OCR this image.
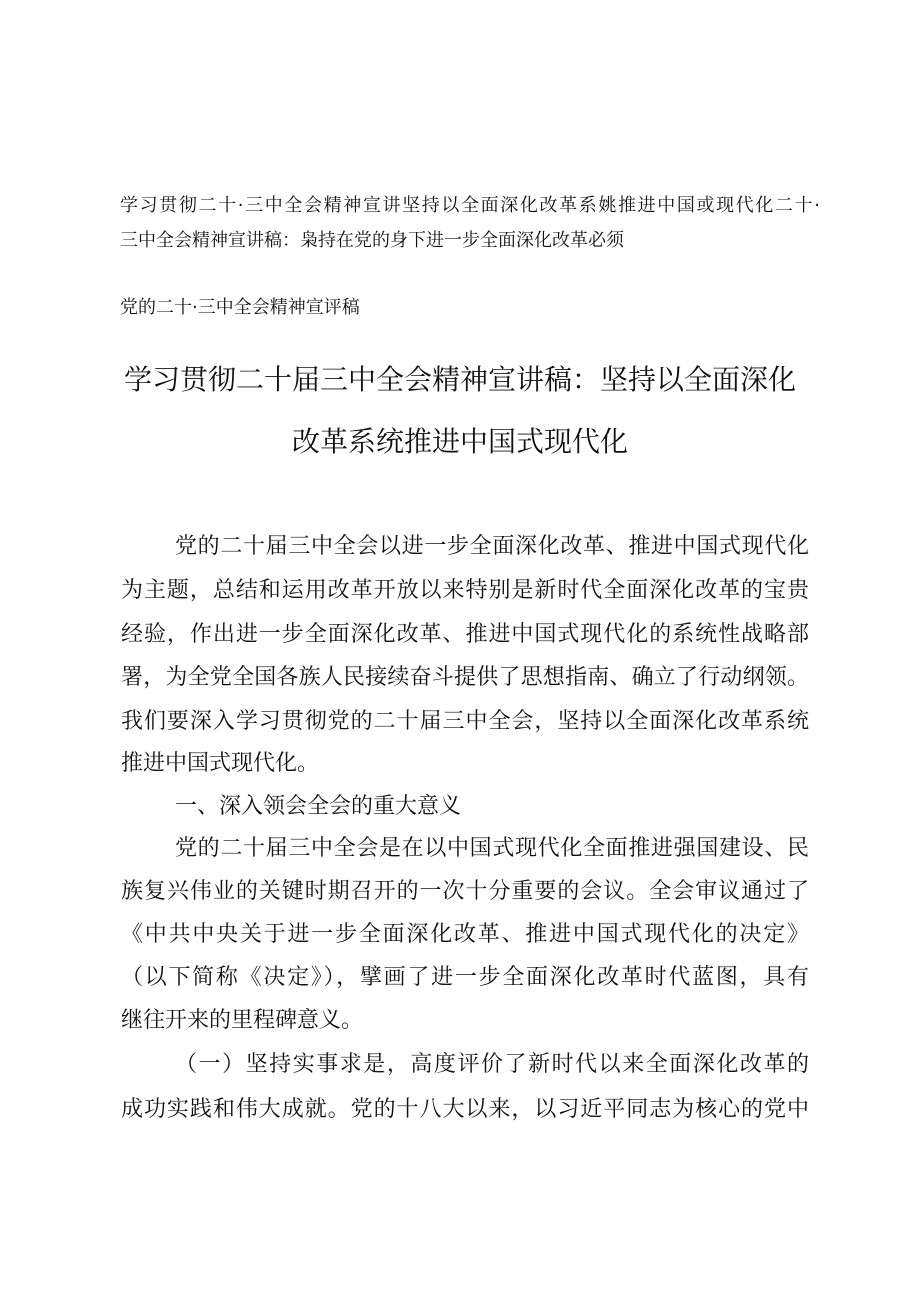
学习贯彻二十·三中全会精神宣讲坚持以全面深化改革系姚推进中国或现代化二十·
三中全会精神宣讲稿：枭持在党的身下进一步全面深化改革必须
党的二十·三中全会精神宣评稿
学习贯彻二十届三中全会精神宣讲稿：坚持以全面深化
改革系统推进中国式现代化
党的二十届三中全会以进一步全面深化改革、推进中国式现代化
为主题，总结和运用改革开放以来特别是新时代全面深化改革的宝贵
经验，作出进一步全面深化改革、推进中国式现代化的系统性战略部
署，为全党全国各族人民接续奋斗提供了思想指南、确立了行动纲领。
我们要深入学习贯彻党的二十届三中全会，坚持以全面深化改革系统
推进中国式现代化。
一、深入领会全会的重大意义
党的二十届三中全会是在以中国式现代化全面推进强国建设、民
族复兴伟业的关键时期召开的一次十分重要的会议。全会审议通过了
《中共中央关于进一步全面深化改革、推进中国式现代化的决定》
（以下简称《决定》），擘画了进一步全面深化改革时代蓝图，具有
继往开来的里程碑意义。
（一）坚持实事求是，高度评价了新时代以来全面深化改革的
成功实践和伟大成就。党的十八大以来，以习近平同志为核心的党中
